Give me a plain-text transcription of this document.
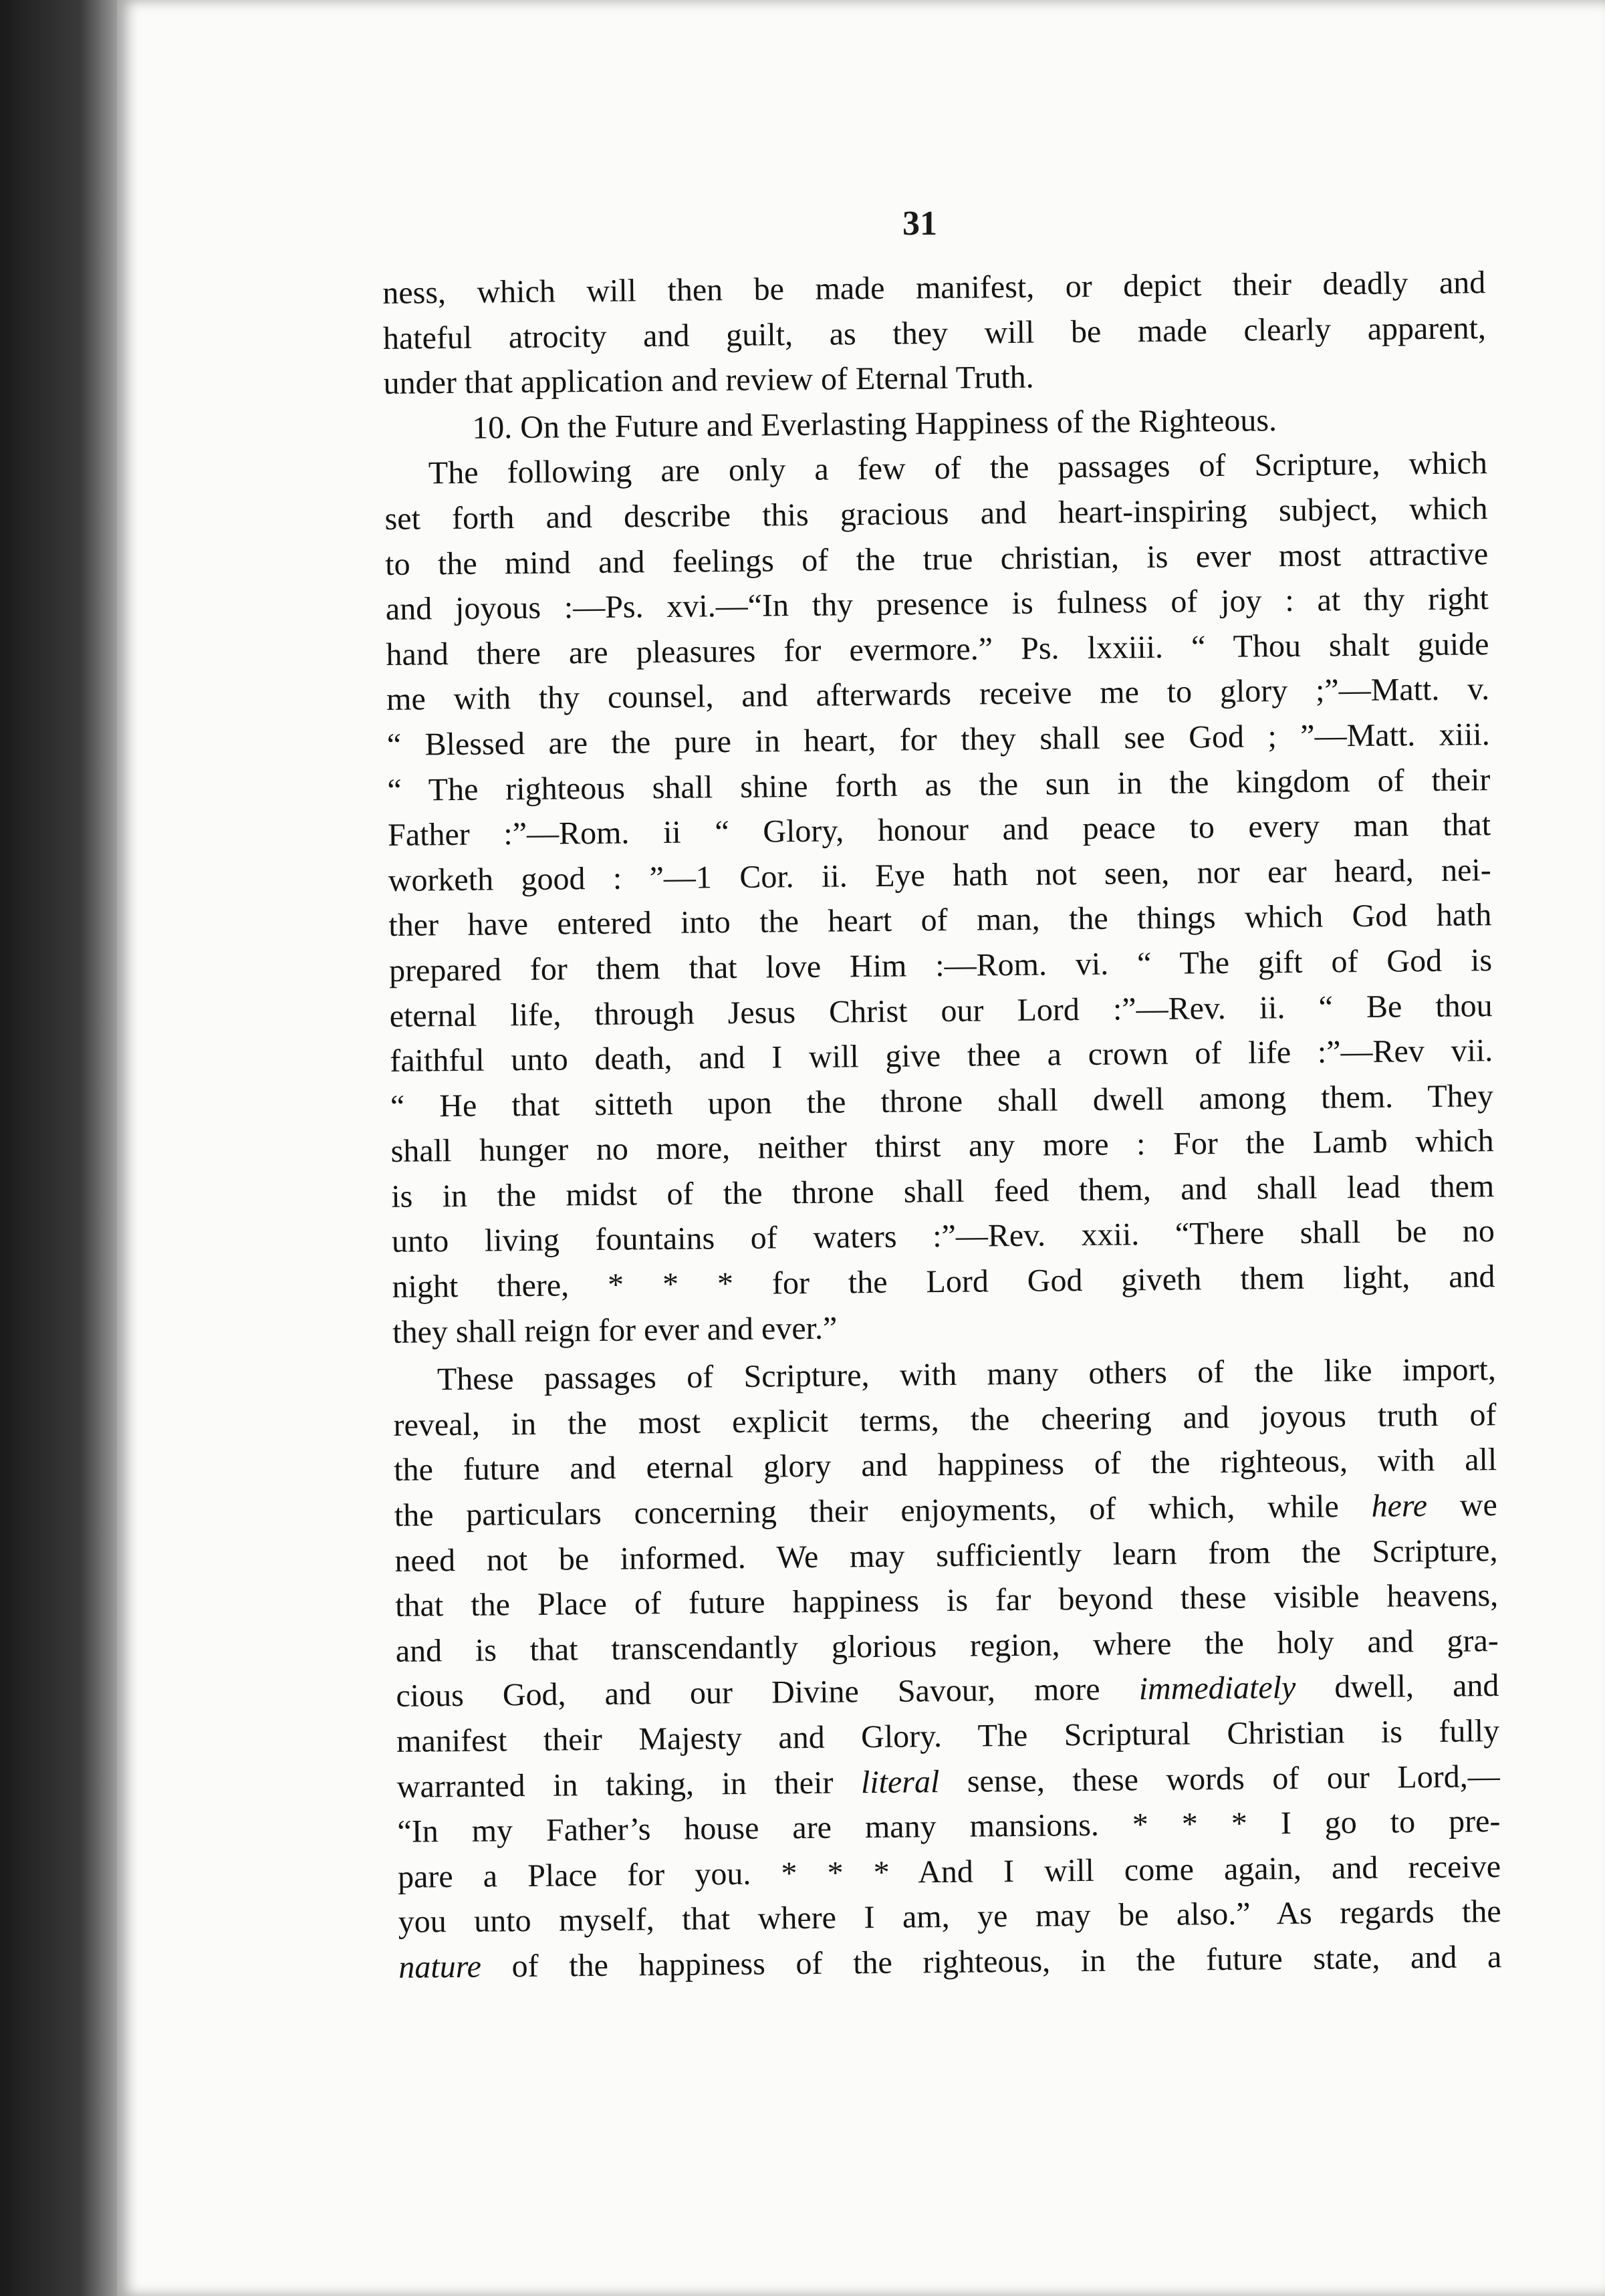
31

ness, which will then be made manifest, or depict their deadly and
hateful atrocity and guilt, as they will be made clearly apparent,
under that application and review of Eternal Truth.

10. On the Future and Everlasting Happiness of the Righteous.

The following are only a few of the passages of Scripture, which
set forth and describe this gracious and heart-inspiring subject, which
to the mind and feelings of the true christian, is ever most attractive
and joyous :—Ps. xvi.—“In thy presence is fulness of joy : at thy right
hand there are pleasures for evermore.” Ps. lxxiii. “ Thou shalt guide
me with thy counsel, and afterwards receive me to glory ;”—Matt. v.
“ Blessed are the pure in heart, for they shall see God ; ”—Matt. xiii.
“ The righteous shall shine forth as the sun in the kingdom of their
Father :”—Rom. ii “ Glory, honour and peace to every man that
worketh good : ”—1 Cor. ii. Eye hath not seen, nor ear heard, nei-
ther have entered into the heart of man, the things which God hath
prepared for them that love Him :—Rom. vi. “ The gift of God is
eternal life, through Jesus Christ our Lord :”—Rev. ii. “ Be thou
faithful unto death, and I will give thee a crown of life :”—Rev vii.
“ He that sitteth upon the throne shall dwell among them. They
shall hunger no more, neither thirst any more : For the Lamb which
is in the midst of the throne shall feed them, and shall lead them
unto living fountains of waters :”—Rev. xxii. “There shall be no
night there, * * * for the Lord God giveth them light, and
they shall reign for ever and ever.”

These passages of Scripture, with many others of the like import,
reveal, in the most explicit terms, the cheering and joyous truth of
the future and eternal glory and happiness of the righteous, with all
the particulars concerning their enjoyments, of which, while here we
need not be informed. We may sufficiently learn from the Scripture,
that the Place of future happiness is far beyond these visible heavens,
and is that transcendantly glorious region, where the holy and gra-
cious God, and our Divine Savour, more immediately dwell, and
manifest their Majesty and Glory. The Scriptural Christian is fully
warranted in taking, in their literal sense, these words of our Lord,—
“In my Father’s house are many mansions. * * * I go to pre-
pare a Place for you. * * * And I will come again, and receive
you unto myself, that where I am, ye may be also.” As regards the
nature of the happiness of the righteous, in the future state, and a
